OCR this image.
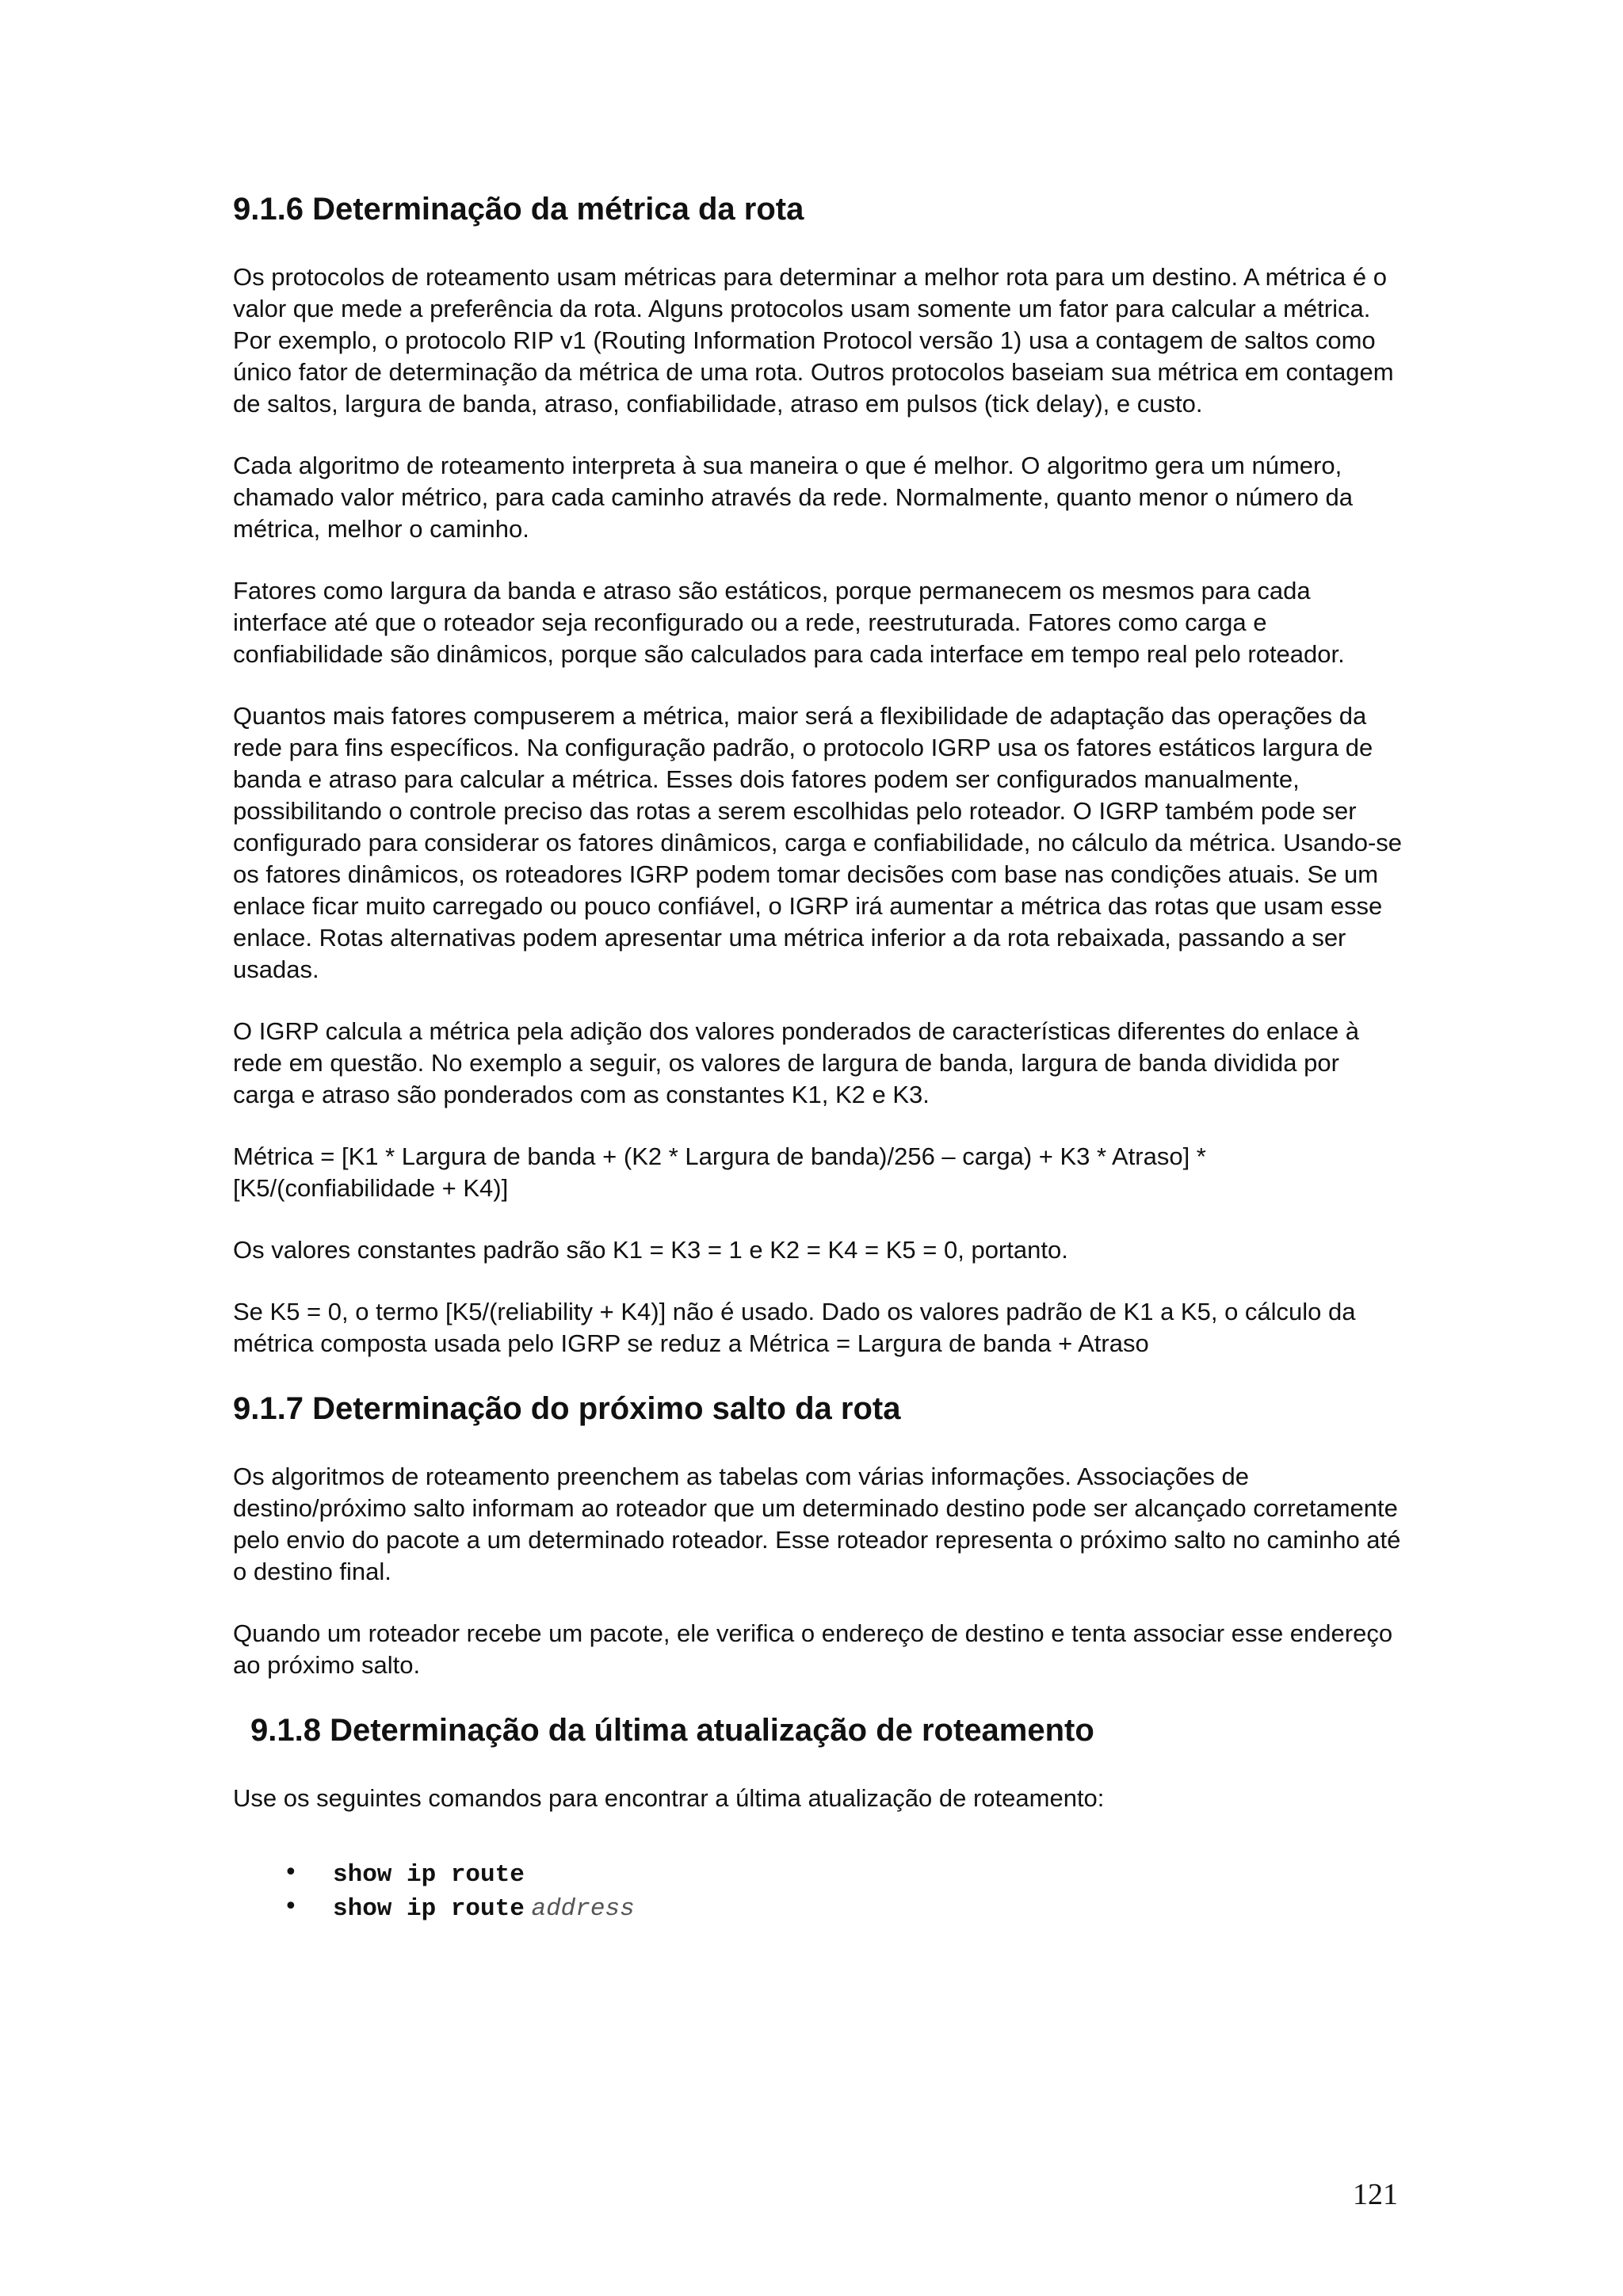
9.1.6 Determinação da métrica da rota

Os protocolos de roteamento usam métricas para determinar a melhor rota para um destino. A métrica é o valor que mede a preferência da rota. Alguns protocolos usam somente um fator para calcular a métrica. Por exemplo, o protocolo RIP v1 (Routing Information Protocol versão 1) usa a contagem de saltos como único fator de determinação da métrica de uma rota. Outros protocolos baseiam sua métrica em contagem de saltos, largura de banda, atraso, confiabilidade, atraso em pulsos (tick delay), e custo.

Cada algoritmo de roteamento interpreta à sua maneira o que é melhor. O algoritmo gera um número, chamado valor métrico, para cada caminho através da rede. Normalmente, quanto menor o número da métrica, melhor o caminho.

Fatores como largura da banda e atraso são estáticos, porque permanecem os mesmos para cada interface até que o roteador seja reconfigurado ou a rede, reestruturada. Fatores como carga e confiabilidade são dinâmicos, porque são calculados para cada interface em tempo real pelo roteador.

Quantos mais fatores compuserem a métrica, maior será a flexibilidade de adaptação das operações da rede para fins específicos. Na configuração padrão, o protocolo IGRP usa os fatores estáticos largura de banda e atraso para calcular a métrica. Esses dois fatores podem ser configurados manualmente, possibilitando o controle preciso das rotas a serem escolhidas pelo roteador. O IGRP também pode ser configurado para considerar os fatores dinâmicos, carga e confiabilidade, no cálculo da métrica. Usando-se os fatores dinâmicos, os roteadores IGRP podem tomar decisões com base nas condições atuais. Se um enlace ficar muito carregado ou pouco confiável, o IGRP irá aumentar a métrica das rotas que usam esse enlace. Rotas alternativas podem apresentar uma métrica inferior a da rota rebaixada, passando a ser usadas.

O IGRP calcula a métrica pela adição dos valores ponderados de características diferentes do enlace à rede em questão. No exemplo a seguir, os valores de largura de banda, largura de banda dividida por carga e atraso são ponderados com as constantes K1, K2 e K3.

Métrica = [K1 * Largura de banda + (K2 * Largura de banda)/256 – carga) + K3 * Atraso] * [K5/(confiabilidade + K4)]

Os valores constantes padrão são K1 = K3 = 1 e K2 = K4 = K5 = 0, portanto.

Se K5 = 0, o termo [K5/(reliability + K4)] não é usado. Dado os valores padrão de K1 a K5, o cálculo da métrica composta usada pelo IGRP se reduz a Métrica = Largura de banda + Atraso

9.1.7 Determinação do próximo salto da rota

Os algoritmos de roteamento preenchem as tabelas com várias informações. Associações de destino/próximo salto informam ao roteador que um determinado destino pode ser alcançado corretamente pelo envio do pacote a um determinado roteador. Esse roteador representa o próximo salto no caminho até o destino final.

Quando um roteador recebe um pacote, ele verifica o endereço de destino e tenta associar esse endereço ao próximo salto.

9.1.8 Determinação da última atualização de roteamento

Use os seguintes comandos para encontrar a última atualização de roteamento:

• show ip route
• show ip route address
121
